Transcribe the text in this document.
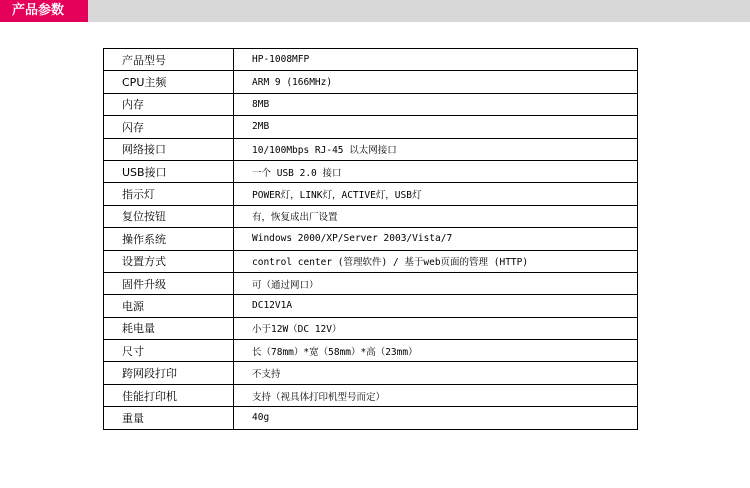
产品参数
产品型号	HP-1008MFP
CPU主频	ARM 9 (166MHz)
内存	8MB
闪存	2MB
网络接口	10/100Mbps RJ-45 以太网接口
USB接口	一个 USB 2.0 接口
指示灯	POWER灯，LINK灯，ACTIVE灯，USB灯
复位按钮	有，恢复成出厂设置
操作系统	Windows 2000/XP/Server 2003/Vista/7
设置方式	control center (管理软件) / 基于web页面的管理 (HTTP)
固件升级	可（通过网口）
电源	DC12V1A
耗电量	小于12W（DC 12V）
尺寸	长（78mm）*宽（58mm）*高（23mm）
跨网段打印	不支持
佳能打印机	支持（视具体打印机型号而定）
重量	40g
